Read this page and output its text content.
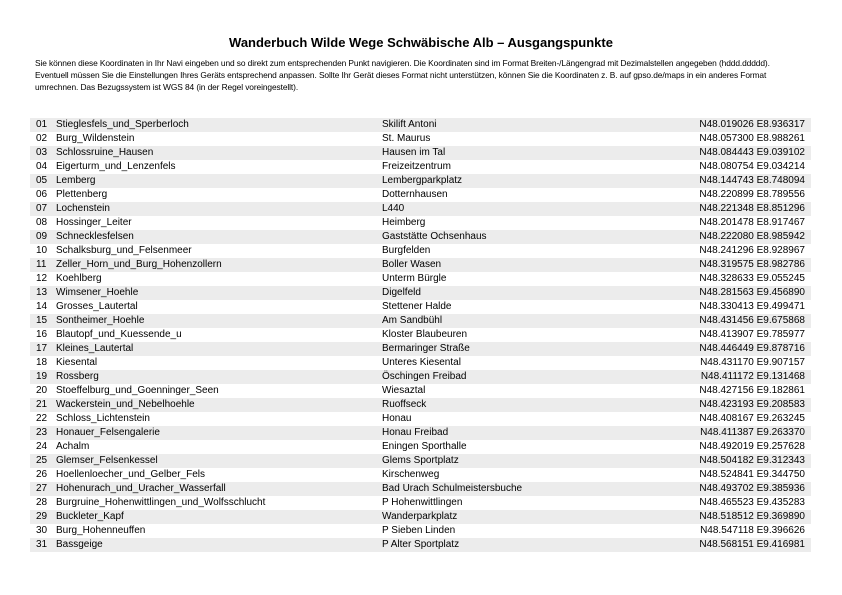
Wanderbuch Wilde Wege Schwäbische Alb – Ausgangspunkte

Sie können diese Koordinaten in Ihr Navi eingeben und so direkt zum entsprechenden Punkt navigieren. Die Koordinaten sind im Format Breiten-/Längengrad mit Dezimalstellen angegeben (hddd.ddddd).

Eventuell müssen Sie die Einstellungen Ihres Geräts entsprechend anpassen. Sollte Ihr Gerät dieses Format nicht unterstützen, können Sie die Koordinaten z. B. auf gpso.de/maps in ein anderes Format umrechnen. Das Bezugssystem ist WGS 84 (in der Regel voreingestellt).

01 Stieglesfels_und_Sperberloch	Skilift Antoni	N48.019026 E8.936317
02 Burg_Wildenstein	St. Maurus	N48.057300 E8.988261
03 Schlossruine_Hausen	Hausen im Tal	N48.084443 E9.039102
04 Eigerturm_und_Lenzenfels	Freizeitzentrum	N48.080754 E9.034214
05 Lemberg	Lembergparkplatz	N48.144743 E8.748094
06 Plettenberg	Dotternhausen	N48.220899 E8.789556
07 Lochenstein	L440	N48.221348 E8.851296
08 Hossinger_Leiter	Heimberg	N48.201478 E8.917467
09 Schnecklesfelsen	Gaststätte Ochsenhaus	N48.222080 E8.985942
10 Schalksburg_und_Felsenmeer	Burgfelden	N48.241296 E8.928967
11 Zeller_Horn_und_Burg_Hohenzollern	Boller Wasen	N48.319575 E8.982786
12 Koehlberg	Unterm Bürgle	N48.328633 E9.055245
13 Wimsener_Hoehle	Digelfeld	N48.281563 E9.456890
14 Grosses_Lautertal	Stettener Halde	N48.330413 E9.499471
15 Sontheimer_Hoehle	Am Sandbühl	N48.431456 E9.675868
16 Blautopf_und_Kuessende_u	Kloster Blaubeuren	N48.413907 E9.785977
17 Kleines_Lautertal	Bermaringer Straße	N48.446449 E9.878716
18 Kiesental	Unteres Kiesental	N48.431170 E9.907157
19 Rossberg	Öschingen Freibad	N48.411172 E9.131468
20 Stoeffelburg_und_Goenninger_Seen	Wiesaztal	N48.427156 E9.182861
21 Wackerstein_und_Nebelhoehle	Ruoffseck	N48.423193 E9.208583
22 Schloss_Lichtenstein	Honau	N48.408167 E9.263245
23 Honauer_Felsengalerie	Honau Freibad	N48.411387 E9.263370
24 Achalm	Eningen Sporthalle	N48.492019 E9.257628
25 Glemser_Felsenkessel	Glems Sportplatz	N48.504182 E9.312343
26 Hoellenloecher_und_Gelber_Fels	Kirschenweg	N48.524841 E9.344750
27 Hohenurach_und_Uracher_Wasserfall	Bad Urach Schulmeistersbuche	N48.493702 E9.385936
28 Burgruine_Hohenwittlingen_und_Wolfsschlucht	P Hohenwittlingen	N48.465523 E9.435283
29 Buckleter_Kapf	Wanderparkplatz	N48.518512 E9.369890
30 Burg_Hohenneuffen	P Sieben Linden	N48.547118 E9.396626
31 Bassgeige	P Alter Sportplatz	N48.568151 E9.416981
